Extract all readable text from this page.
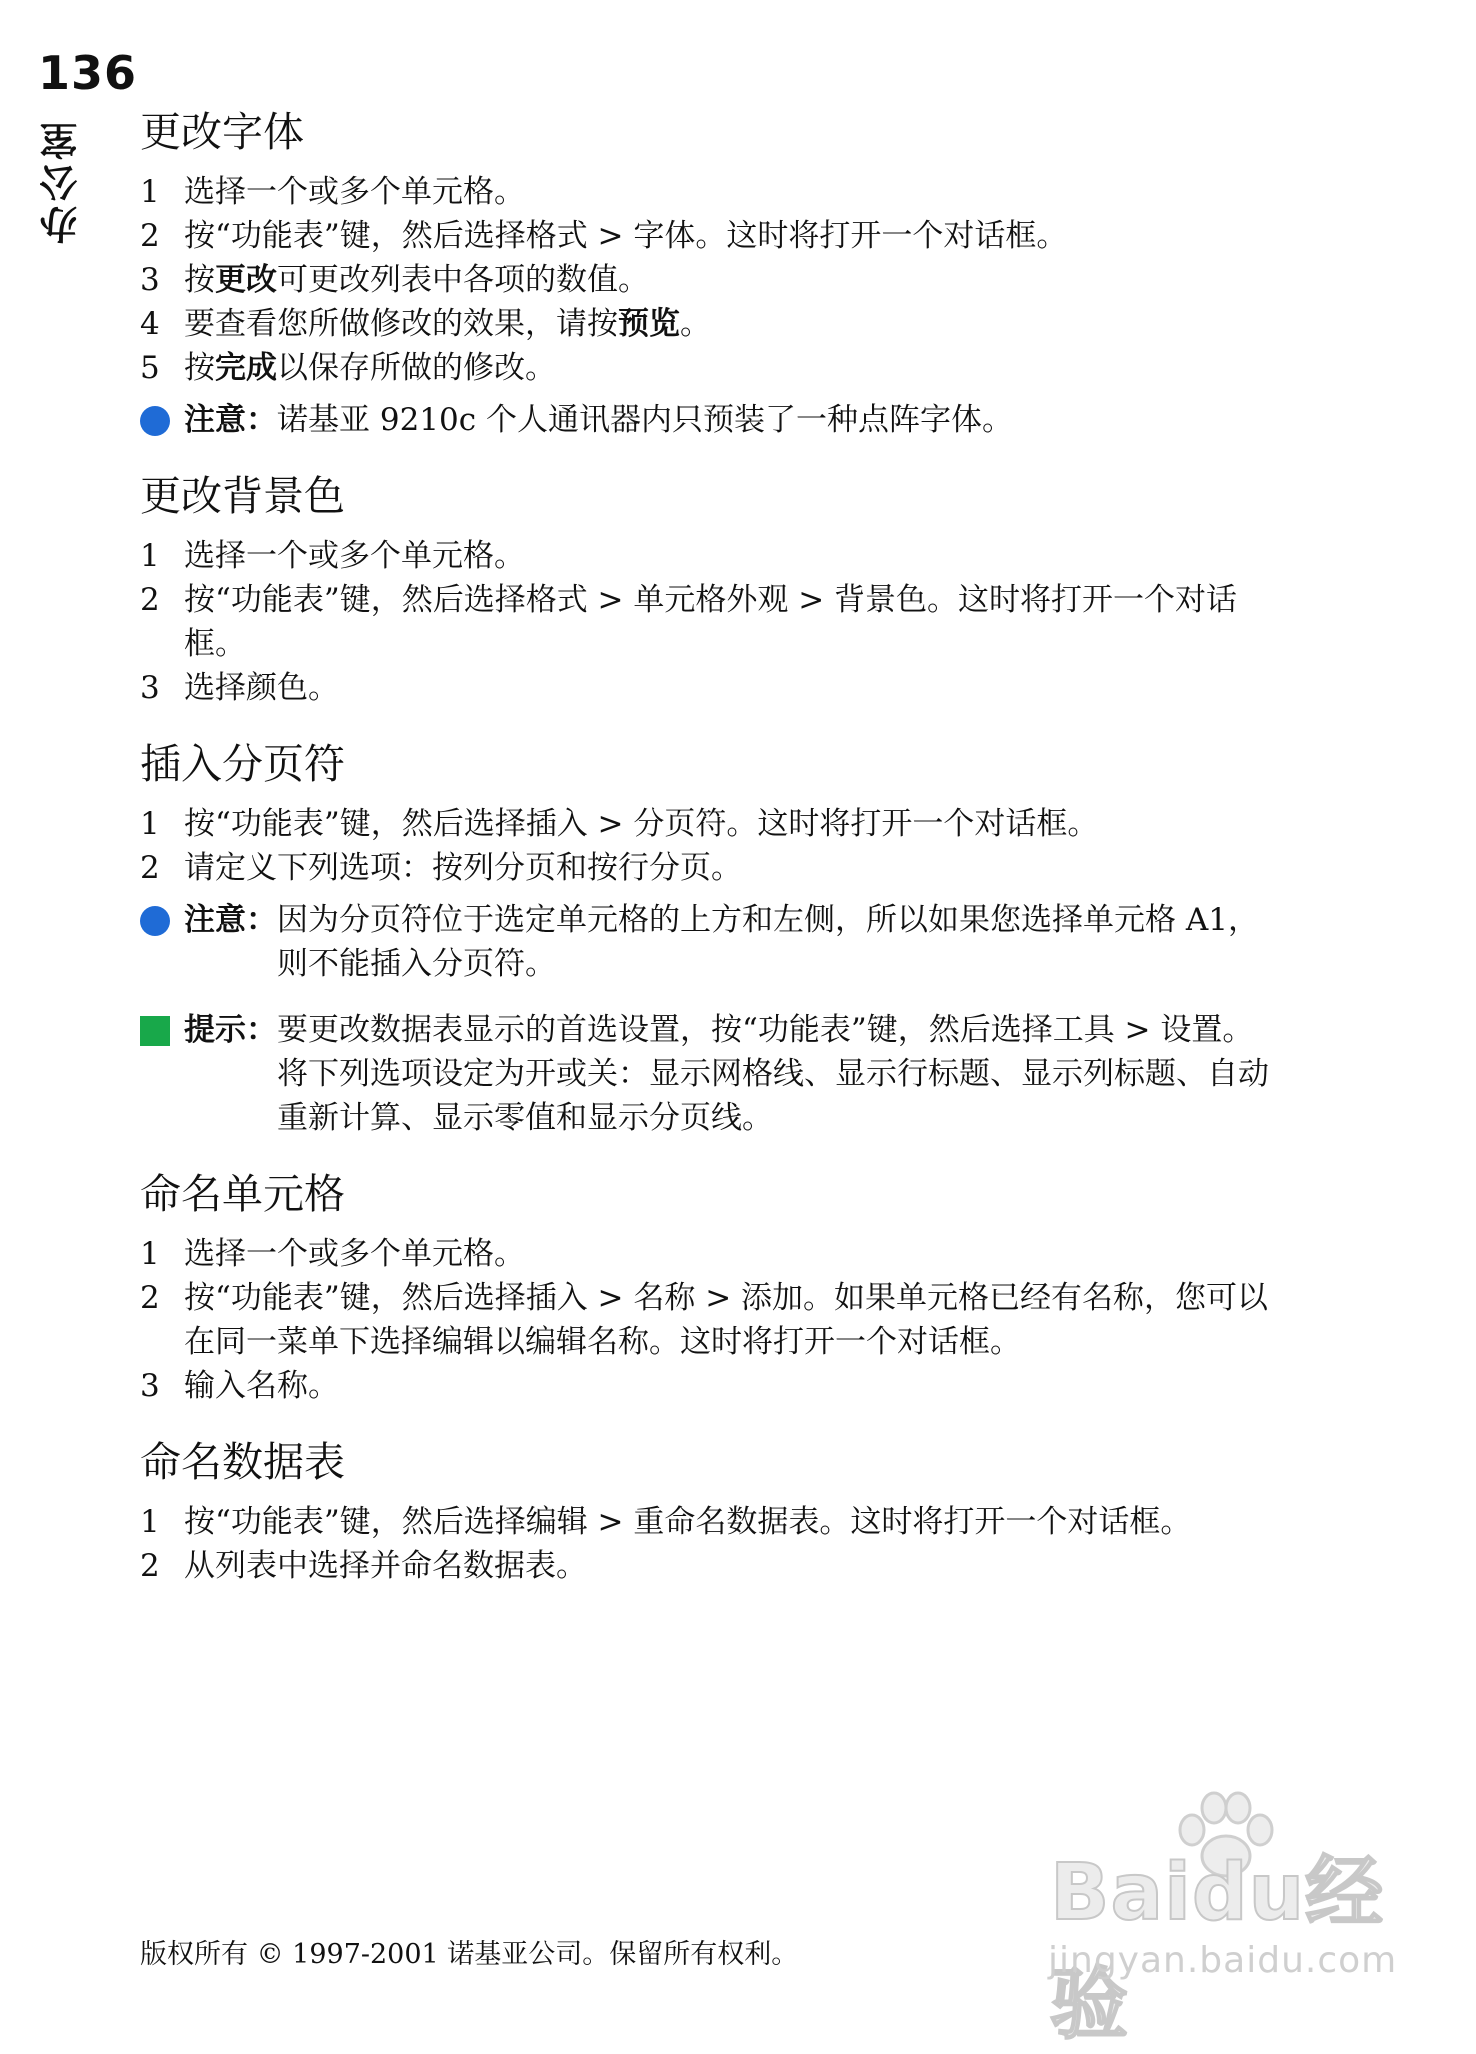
136
办公室 更改字体
1 选择一个或多个单元格。
2 按“功能表”键，然后选择格式 > 字体。这时将打开一个对话框。
3 按更改可更改列表中各项的数值。
4 要查看您所做修改的效果，请按预览。
5 按完成以保存所做的修改。
注意： 诺基亚 9210c 个人通讯器内只预装了一种点阵字体。
更改背景色
1 选择一个或多个单元格。
2 按“功能表”键，然后选择格式 > 单元格外观 > 背景色。这时将打开一个对话框。
3 选择颜色。
插入分页符
1 按“功能表”键，然后选择插入 > 分页符。这时将打开一个对话框。
2 请定义下列选项：按列分页和按行分页。
注意： 因为分页符位于选定单元格的上方和左侧，所以如果您选择单元格 A1，则不能插入分页符。
提示： 要更改数据表显示的首选设置，按“功能表”键，然后选择工具 > 设置。将下列选项设定为开或关：显示网格线、显示行标题、显示列标题、自动重新计算、显示零值和显示分页线。
命名单元格
1 选择一个或多个单元格。
2 按“功能表”键，然后选择插入 > 名称 > 添加。如果单元格已经有名称，您可以在同一菜单下选择编辑以编辑名称。这时将打开一个对话框。
3 输入名称。
命名数据表
1 按“功能表”键，然后选择编辑 > 重命名数据表。这时将打开一个对话框。
2 从列表中选择并命名数据表。
版权所有 © 1997-2001 诺基亚公司。保留所有权利。
Baidu经验
jingyan.baidu.com
